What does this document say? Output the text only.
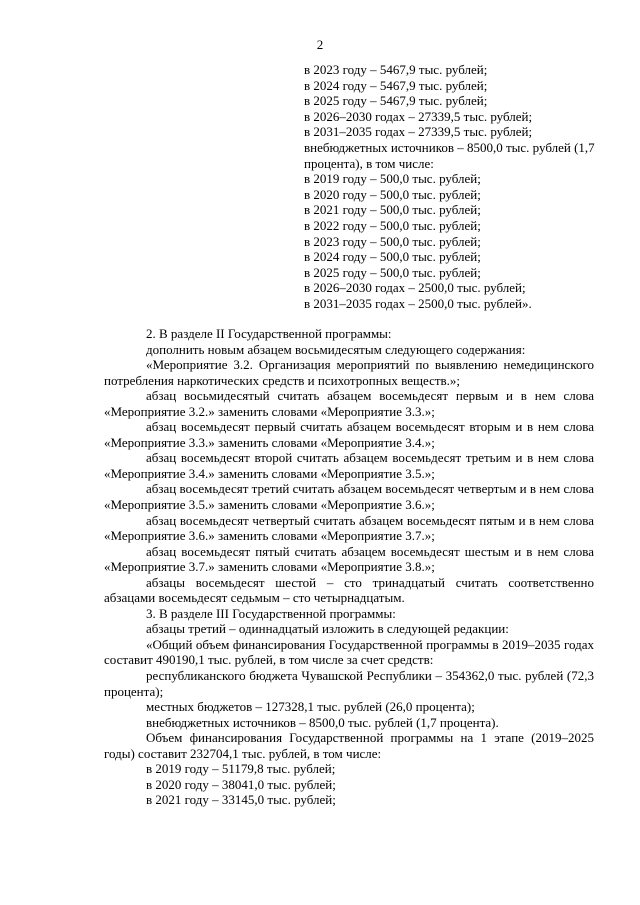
2
в 2023 году – 5467,9 тыс. рублей;
в 2024 году – 5467,9 тыс. рублей;
в 2025 году – 5467,9 тыс. рублей;
в 2026–2030 годах – 27339,5 тыс. рублей;
в 2031–2035 годах – 27339,5 тыс. рублей;
внебюджетных источников – 8500,0 тыс. рублей (1,7 процента), в том числе:
в 2019 году – 500,0 тыс. рублей;
в 2020 году – 500,0 тыс. рублей;
в 2021 году – 500,0 тыс. рублей;
в 2022 году – 500,0 тыс. рублей;
в 2023 году – 500,0 тыс. рублей;
в 2024 году – 500,0 тыс. рублей;
в 2025 году – 500,0 тыс. рублей;
в 2026–2030 годах – 2500,0 тыс. рублей;
в 2031–2035 годах – 2500,0 тыс. рублей».

2. В разделе II Государственной программы:

дополнить новым абзацем восьмидесятым следующего содержания:

«Мероприятие 3.2. Организация мероприятий по выявлению немедицинского потребления наркотических средств и психотропных веществ.»;

абзац восьмидесятый считать абзацем восемьдесят первым и в нем слова «Мероприятие 3.2.» заменить словами «Мероприятие 3.3.»;

абзац восемьдесят первый считать абзацем восемьдесят вторым и в нем слова «Мероприятие 3.3.» заменить словами «Мероприятие 3.4.»;

абзац восемьдесят второй считать абзацем восемьдесят третьим и в нем слова «Мероприятие 3.4.» заменить словами «Мероприятие 3.5.»;

абзац восемьдесят третий считать абзацем восемьдесят четвертым и в нем слова «Мероприятие 3.5.» заменить словами «Мероприятие 3.6.»;

абзац восемьдесят четвертый считать абзацем восемьдесят пятым и в нем слова «Мероприятие 3.6.» заменить словами «Мероприятие 3.7.»;

абзац восемьдесят пятый считать абзацем восемьдесят шестым и в нем слова «Мероприятие 3.7.» заменить словами «Мероприятие 3.8.»;

абзацы восемьдесят шестой – сто тринадцатый считать соответственно абзацами восемьдесят седьмым – сто четырнадцатым.

3. В разделе III Государственной программы:

абзацы третий – одиннадцатый изложить в следующей редакции:

«Общий объем финансирования Государственной программы в 2019–2035 годах составит 490190,1 тыс. рублей, в том числе за счет средств:

республиканского бюджета Чувашской Республики – 354362,0 тыс. рублей (72,3 процента);

местных бюджетов – 127328,1 тыс. рублей (26,0 процента);

внебюджетных источников – 8500,0 тыс. рублей (1,7 процента).

Объем финансирования Государственной программы на 1 этапе (2019–2025 годы) составит 232704,1 тыс. рублей, в том числе:

в 2019 году – 51179,8 тыс. рублей;

в 2020 году – 38041,0 тыс. рублей;

в 2021 году – 33145,0 тыс. рублей;
